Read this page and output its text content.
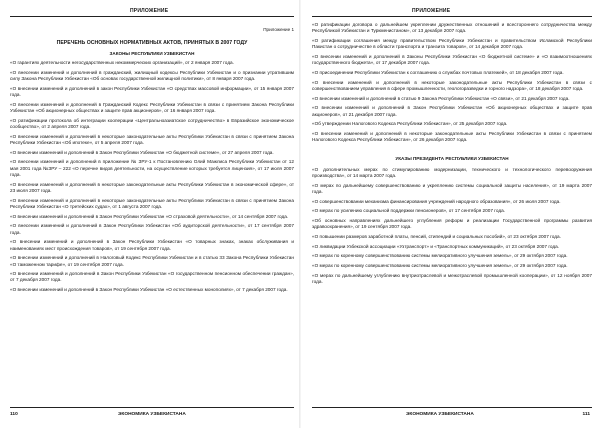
ПРИЛОЖЕНИЕ
Приложение 1
ПЕРЕЧЕНЬ ОСНОВНЫХ НОРМАТИВНЫХ АКТОВ, ПРИНЯТЫХ В 2007 ГОДУ
ЗАКОНЫ РЕСПУБЛИКИ УЗБЕКИСТАН

«О гарантиях деятельности негосударственных некоммерческих организаций», от 2 января 2007 года.

«О внесении изменений и дополнений в гражданский, жилищный кодексы Республики Узбекистан и о признании утратившим силу Закона Республики Узбекистан «Об основах государственной жилищной политики», от 8 января 2007 года.

«О внесении изменений и дополнений в закон Республики Узбекистан «О средствах массовой информации», от 15 января 2007 года.

«О внесении изменений и дополнений в Гражданский Кодекс Республики Узбекистан в связи с принятием Закона Республики Узбекистан «Об акционерных обществах и защите прав акционеров», от 16 января 2007 года.

«О ратификации протокола об интеграции кооперации «Центральноазиатское сотрудничество» в Евразийское экономическое сообщество», от 2 апреля 2007 года.

«О внесении изменений и дополнений в некоторые законодательные акты Республики Узбекистан в связи с принятием Закона Республики Узбекистан «Об ипотеке», от 5 апреля 2007 года.

«О внесении изменений и дополнений в Закон Республики Узбекистан «О бюджетной системе», от 27 апреля 2007 года.

«О внесении изменений и дополнений в приложение № ЗРУ-1 к Постановлению Олий Мажлиса Республики Узбекистан от 12 мая 2001 года №ЗРУ – 222 «О перечне видов деятельности, на осуществление которых требуется лицензия», от 17 июля 2007 года.

«О внесении изменений и дополнений в некоторые законодательные акты Республики Узбекистан в экономической сфере», от 23 июля 2007 года.

«О внесении изменений и дополнений в некоторые законодательные акты Республики Узбекистан в связи с принятием Закона Республики Узбекистан «О третейских судах», от 1 августа 2007 года.

«О внесении изменений и дополнений в Закон Республики Узбекистан «О страховой деятельности», от 14 сентября 2007 года.

«О внесении изменений и дополнений в Закон Республики Узбекистан «Об аудиторской деятельности», от 17 сентября 2007 года.

«О внесении изменений и дополнений в Закон Республики Узбекистан «О товарных знаках, знаках обслуживания и наименованиях мест происхождения товаров», от 19 сентября 2007 года.

«О внесении изменений и дополнений в Налоговый Кодекс Республики Узбекистан и в статью 33 Закона Республики Узбекистан «О таможенном тарифе», от 19 сентября 2007 года.

«О внесении изменений и дополнений в Закон Республики Узбекистан «О государственном пенсионном обеспечении граждан», от 7 декабря 2007 года.

«О внесении изменений и дополнений в Закон Республики Узбекистан «О естественных монополиях», от 7 декабря 2007 года.

110	ЭКОНОМИКА УЗБЕКИСТАНА
ПРИЛОЖЕНИЕ

«О ратификации договора о дальнейшем укреплении дружественных отношений и всестороннего сотрудничества между Республикой Узбекистан и Туркменистаном», от 13 декабря 2007 года.

«О ратификации соглашения между правительством Республики Узбекистан и правительством Исламской Республики Пакистан о сотрудничестве в области транспорта и транзита товаров», от 14 декабря 2007 года.

«О внесении изменений и дополнений в Законы Республики Узбекистан «О бюджетной системе» и «О взаимоотношениях государственного бюджета», от 17 декабря 2007 года.

«О присоединении Республики Узбекистан к соглашению о службах почтовых платежей», от 18 декабря 2007 года.

«О внесении изменений и дополнений в некоторые законодательные акты Республики Узбекистан в связи с совершенствованием управления в сфере промышленности, геологоразведки и горного надзора», от 18 декабря 2007 года.

«О внесении изменений и дополнений в статью 9 Закона Республики Узбекистан «О связи», от 21 декабря 2007 года.

«О внесении изменений и дополнений в Закон Республики Узбекистан «Об акционерных обществах и защите прав акционеров», от 21 декабря 2007 года.

«Об утверждении Налогового Кодекса Республики Узбекистан», от 25 декабря 2007 года.

«О внесении изменений и дополнений в некоторые законодательные акты Республики Узбекистан в связи с принятием Налогового Кодекса Республики Узбекистан», от 26 декабря 2007 года.

УКАЗЫ ПРЕЗИДЕНТА РЕСПУБЛИКИ УЗБЕКИСТАН

«О дополнительных мерах по стимулированию модернизации, технического и технологического перевооружения производства», от 14 марта 2007 года.

«О мерах по дальнейшему совершенствованию и укреплению системы социальной защиты населения», от 19 марта 2007 года.

«О совершенствовании механизма финансирования учреждений народного образования», от 26 июля 2007 года.

«О мерах по усилению социальной поддержки пенсионеров», от 17 сентября 2007 года.

«Об основных направлениях дальнейшего углубления реформ и реализации Государственной программы развития здравоохранения», от 19 сентября 2007 года.

«О повышении размеров заработной платы, пенсий, стипендий и социальных пособий», от 23 октября 2007 года.

«О ликвидации Узбекской ассоциации «Узтранспорт» и «Транспортных коммуникаций», от 23 октября 2007 года.

«О мерах по коренному совершенствованию системы мелиоративного улучшения земель», от 29 октября 2007 года.

«О мерах по коренному совершенствованию системы мелиоративного улучшения земель», от 29 октября 2007 года.

«О мерах по дальнейшему углублению внутриотраслевой и межотраслевой промышленной кооперации», от 12 ноября 2007 года.

ЭКОНОМИКА УЗБЕКИСТАНА	111
